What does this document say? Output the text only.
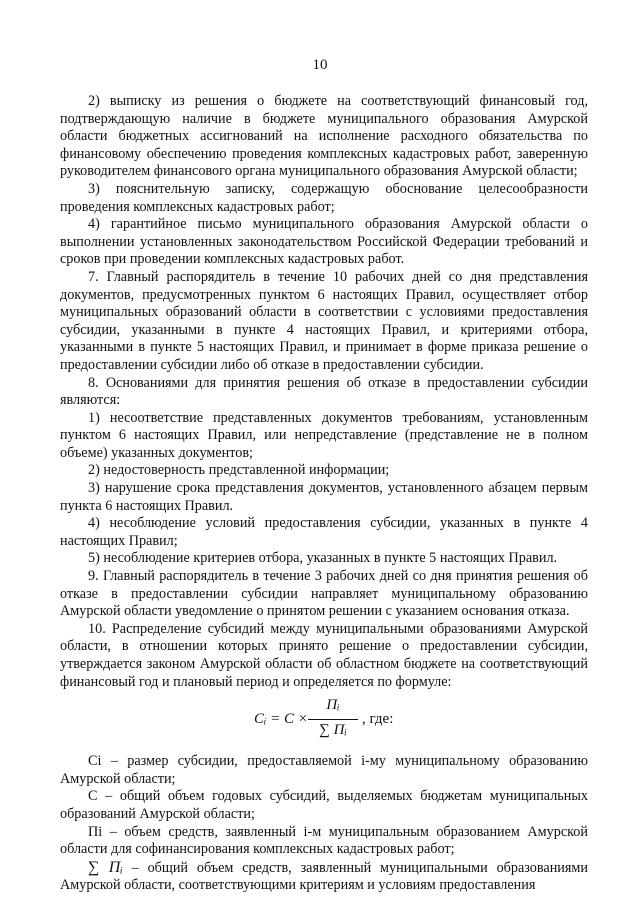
10

2) выписку из решения о бюджете на соответствующий финансовый год, подтверждающую наличие в бюджете муниципального образования Амурской области бюджетных ассигнований на исполнение расходного обязательства по финансовому обеспечению проведения комплексных кадастровых работ, заверенную руководителем финансового органа муниципального образования Амурской области;

3) пояснительную записку, содержащую обоснование целесообразности проведения комплексных кадастровых работ;

4) гарантийное письмо муниципального образования Амурской области о выполнении установленных законодательством Российской Федерации требований и сроков при проведении комплексных кадастровых работ.

7. Главный распорядитель в течение 10 рабочих дней со дня представления документов, предусмотренных пунктом 6 настоящих Правил, осуществляет отбор муниципальных образований области в соответствии с условиями предоставления субсидии, указанными в пункте 4 настоящих Правил, и критериями отбора, указанными в пункте 5 настоящих Правил, и принимает в форме приказа решение о предоставлении субсидии либо об отказе в предоставлении субсидии.

8. Основаниями для принятия решения об отказе в предоставлении субсидии являются:

1) несоответствие представленных документов требованиям, установленным пунктом 6 настоящих Правил, или непредставление (представление не в полном объеме) указанных документов;

2) недостоверность представленной информации;

3) нарушение срока представления документов, установленного абзацем первым пункта 6 настоящих Правил.

4) несоблюдение условий предоставления субсидии, указанных в пункте 4 настоящих Правил;

5) несоблюдение критериев отбора, указанных в пункте 5 настоящих Правил.

9. Главный распорядитель в течение 3 рабочих дней со дня принятия решения об отказе в предоставлении субсидии направляет муниципальному образованию Амурской области уведомление о принятом решении с указанием основания отказа.

10. Распределение субсидий между муниципальными образованиями Амурской области, в отношении которых принято решение о предоставлении субсидии, утверждается законом Амурской области об областном бюджете на соответствующий финансовый год и плановый период и определяется по формуле:

Cᵢ = C ×
Пᵢ
∑ Пᵢ
, где:

Ci – размер субсидии, предоставляемой i-му муниципальному образованию Амурской области;

С – общий объем годовых субсидий, выделяемых бюджетам муниципальных образований Амурской области;

Пi – объем средств, заявленный i-м муниципальным образованием Амурской области для софинансирования комплексных кадастровых работ;

∑ Пᵢ – общий объем средств, заявленный муниципальными образованиями Амурской области, соответствующими критериям и условиям предоставления
